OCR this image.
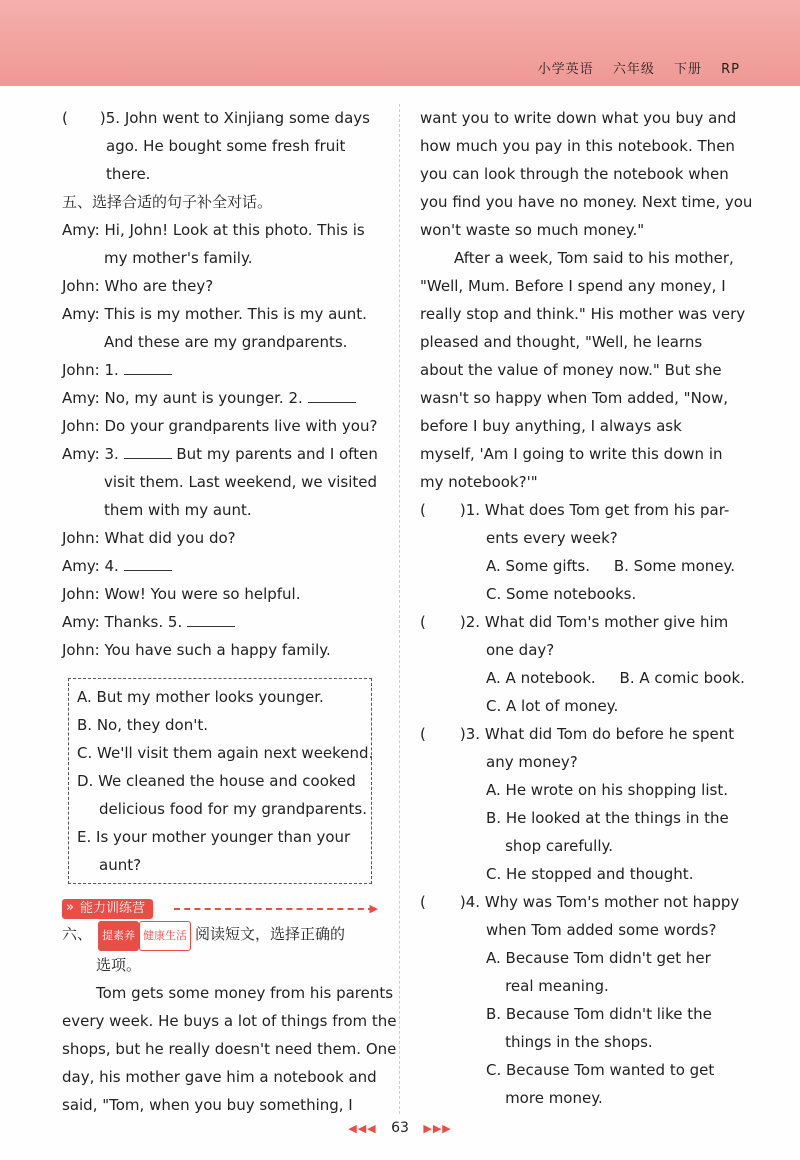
小学英语 六年级 下册 RP
( )5. John went to Xinjiang some days
ago. He bought some fresh fruit
there.
五、选择合适的句子补全对话。
Amy: Hi, John! Look at this photo. This is
my mother's family.
John: Who are they?
Amy: This is my mother. This is my aunt.
And these are my grandparents.
John: 1.
Amy: No, my aunt is younger. 2.
John: Do your grandparents live with you?
Amy: 3.	But my parents and I often
visit them. Last weekend, we visited
them with my aunt.
John: What did you do?
Amy: 4.
John: Wow! You were so helpful.
Amy: Thanks. 5.
John: You have such a happy family.
A. But my mother looks younger.
B. No, they don't.
C. We'll visit them again next weekend.
D. We cleaned the house and cooked
delicious food for my grandparents.
E. Is your mother younger than your
aunt?
» 能力训练营	▶
六、 提素养 健康生活 阅读短文，选择正确的
选项。
Tom gets some money from his parents
every week. He buys a lot of things from the
shops, but he really doesn't need them. One
day, his mother gave him a notebook and
said, "Tom, when you buy something, I
want you to write down what you buy and
how much you pay in this notebook. Then
you can look through the notebook when
you find you have no money. Next time, you
won't waste so much money."
After a week, Tom said to his mother,
"Well, Mum. Before I spend any money, I
really stop and think." His mother was very
pleased and thought, "Well, he learns
about the value of money now." But she
wasn't so happy when Tom added, "Now,
before I buy anything, I always ask
myself, 'Am I going to write this down in
my notebook?'"
( )1. What does Tom get from his par-
ents every week?
A. Some gifts.     B. Some money.
C. Some notebooks.
( )2. What did Tom's mother give him
one day?
A. A notebook.     B. A comic book.
C. A lot of money.
( )3. What did Tom do before he spent
any money?
A. He wrote on his shopping list.
B. He looked at the things in the
shop carefully.
C. He stopped and thought.
( )4. Why was Tom's mother not happy
when Tom added some words?
A. Because Tom didn't get her
real meaning.
B. Because Tom didn't like the
things in the shops.
C. Because Tom wanted to get
more money.
◀◀◀ 63 ▶▶▶
